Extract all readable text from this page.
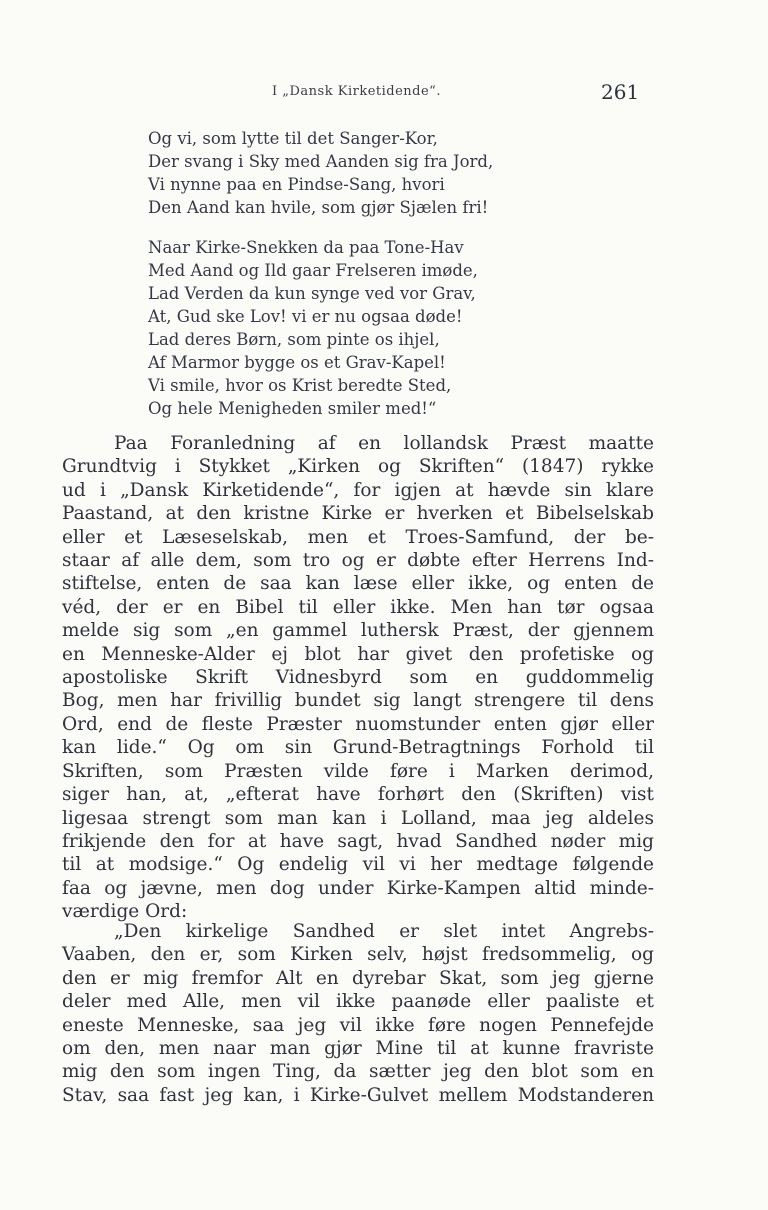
I „Dansk Kirketidende“.	261
Og vi, som lytte til det Sanger-Kor,
Der svang i Sky med Aanden sig fra Jord,
Vi nynne paa en Pindse-Sang, hvori
Den Aand kan hvile, som gjør Sjælen fri!
Naar Kirke-Snekken da paa Tone-Hav
Med Aand og Ild gaar Frelseren imøde,
Lad Verden da kun synge ved vor Grav,
At, Gud ske Lov! vi er nu ogsaa døde!
Lad deres Børn, som pinte os ihjel,
Af Marmor bygge os et Grav-Kapel!
Vi smile, hvor os Krist beredte Sted,
Og hele Menigheden smiler med!“
Paa Foranledning af en lollandsk Præst maatte
Grundtvig i Stykket „Kirken og Skriften“ (1847) rykke
ud i „Dansk Kirketidende“, for igjen at hævde sin klare
Paastand, at den kristne Kirke er hverken et Bibelselskab
eller et Læseselskab, men et Troes-Samfund, der be-
staar af alle dem, som tro og er døbte efter Herrens Ind-
stiftelse, enten de saa kan læse eller ikke, og enten de
véd, der er en Bibel til eller ikke. Men han tør ogsaa
melde sig som „en gammel luthersk Præst, der gjennem
en Menneske-Alder ej blot har givet den profetiske og
apostoliske Skrift Vidnesbyrd som en guddommelig
Bog, men har frivillig bundet sig langt strengere til dens
Ord, end de fleste Præster nuomstunder enten gjør eller
kan lide.“ Og om sin Grund-Betragtnings Forhold til
Skriften, som Præsten vilde føre i Marken derimod,
siger han, at, „efterat have forhørt den (Skriften) vist
ligesaa strengt som man kan i Lolland, maa jeg aldeles
frikjende den for at have sagt, hvad Sandhed nøder mig
til at modsige.“ Og endelig vil vi her medtage følgende
faa og jævne, men dog under Kirke-Kampen altid minde-
værdige Ord:
„Den kirkelige Sandhed er slet intet Angrebs-
Vaaben, den er, som Kirken selv, højst fredsommelig, og
den er mig fremfor Alt en dyrebar Skat, som jeg gjerne
deler med Alle, men vil ikke paanøde eller paaliste et
eneste Menneske, saa jeg vil ikke føre nogen Pennefejde
om den, men naar man gjør Mine til at kunne fravriste
mig den som ingen Ting, da sætter jeg den blot som en
Stav, saa fast jeg kan, i Kirke-Gulvet mellem Modstanderen
